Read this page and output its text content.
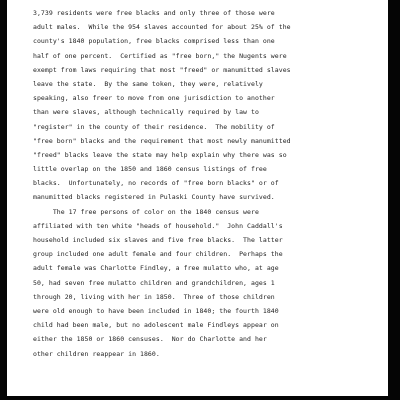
3,739 residents were free blacks and only three of those were
adult males.  While the 954 slaves accounted for about 25% of the
county's 1840 population, free blacks comprised less than one
half of one percent.  Certified as "free born," the Nugents were
exempt from laws requiring that most "freed" or manumitted slaves
leave the state.  By the same token, they were, relatively
speaking, also freer to move from one jurisdiction to another
than were slaves, although technically required by law to
"register" in the county of their residence.  The mobility of
"free born" blacks and the requirement that most newly manumitted
"freed" blacks leave the state may help explain why there was so
little overlap on the 1850 and 1860 census listings of free
blacks.  Unfortunately, no records of "free born blacks" or of
manumitted blacks registered in Pulaski County have survived.
The 17 free persons of color on the 1840 census were
affiliated with ten white "heads of household."  John Caddall's
household included six slaves and five free blacks.  The latter
group included one adult female and four children.  Perhaps the
adult female was Charlotte Findley, a free mulatto who, at age
50, had seven free mulatto children and grandchildren, ages 1
through 20, living with her in 1850.  Three of those children
were old enough to have been included in 1840; the fourth 1840
child had been male, but no adolescent male Findleys appear on
either the 1850 or 1860 censuses.  Nor do Charlotte and her
other children reappear in 1860.
